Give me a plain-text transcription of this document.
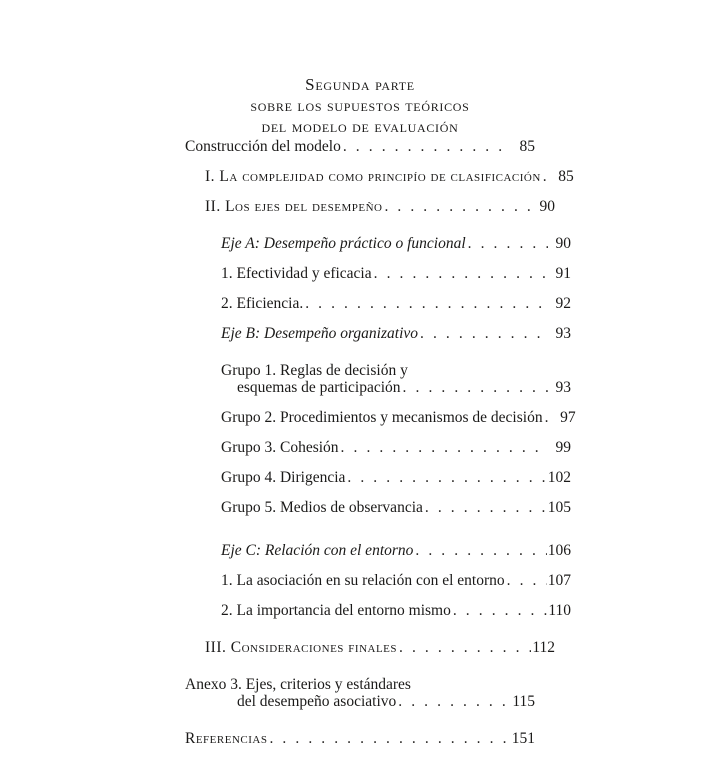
Segunda parte
sobre los supuestos teóricos
del modelo de evaluación
Construcción del modelo . . .	85
I. La complejidad como principío de clasificación . . .	85
II. Los ejes del desempeño . . .	90
Eje A: Desempeño práctico o funcional . . .	90
1. Efectividad y eficacia . . .	91
2. Eficiencia. . . .	92
Eje B: Desempeño organizativo . . .	93
Grupo 1. Reglas de decisión y
esquemas de participación . . .	93
Grupo 2. Procedimientos y mecanismos de decisión . . .	97
Grupo 3. Cohesión . . .	99
Grupo 4. Dirigencia . . .	102
Grupo 5. Medios de observancia . . .	105
Eje C: Relación con el entorno . . .	106
1. La asociación en su relación con el entorno . . .	107
2. La importancia del entorno mismo . . .	110
III. Consideraciones finales . . .	112
Anexo 3. Ejes, criterios y estándares
del desempeño asociativo . . .	115
Referencias . . .	151
